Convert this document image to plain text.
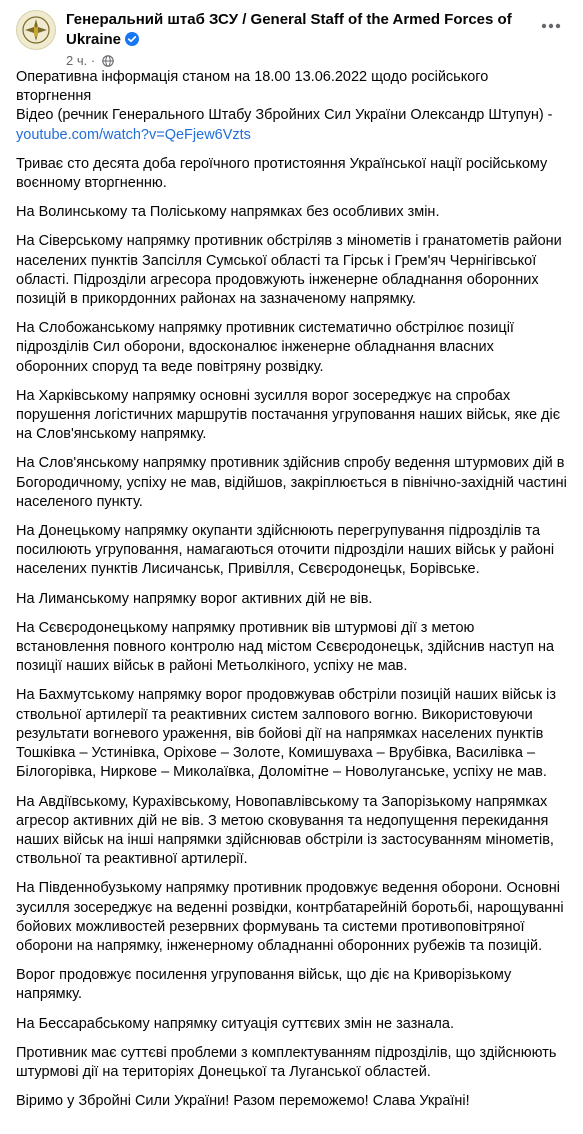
Генеральний штаб ЗСУ / General Staff of the Armed Forces of Ukraine
2 ч. ·

Оперативна інформація станом на 18.00 13.06.2022 щодо російського вторгнення
Відео (речник Генерального Штабу Збройних Сил України Олександр Штупун) -
youtube.com/watch?v=QeFjew6Vzts

Триває сто десята доба героїчного протистояння Української нації російському воєнному вторгненню.

На Волинському та Поліському напрямках без особливих змін.

На Сіверському напрямку противник обстріляв з мінометів і гранатометів райони населених пунктів Запсілля Сумської області та Гірськ і Грем'яч Чернігівської області. Підрозділи агресора продовжують інженерне обладнання оборонних позицій в прикордонних районах на зазначеному напрямку.

На Слобожанському напрямку противник систематично обстрілює позиції підрозділів Сил оборони, вдосконалює інженерне обладнання власних оборонних споруд та веде повітряну розвідку.

На Харківському напрямку основні зусилля ворог зосереджує на спробах порушення логістичних маршрутів постачання угруповання наших військ, яке діє на Слов'янському напрямку.

На Слов'янському напрямку противник здійснив спробу ведення штурмових дій в Богородичному, успіху не мав, відійшов, закріплюється в північно-західній частині населеного пункту.

На Донецькому напрямку окупанти здійснюють перегрупування підрозділів та посилюють угруповання, намагаються оточити підрозділи наших військ у районі населених пунктів Лисичанськ, Привілля, Сєвєродонецьк, Борівське.

На Лиманському напрямку ворог активних дій не вів.

На Сєвєродонецькому напрямку противник вів штурмові дії з метою встановлення повного контролю над містом Сєвєродонецьк, здійснив наступ на позиції наших військ в районі Метьолкіного, успіху не мав.

На Бахмутському напрямку ворог продовжував обстріли позицій наших військ із ствольної артилерії та реактивних систем залпового вогню. Використовуючи результати вогневого ураження, вів бойові дії на напрямках населених пунктів Тошківка – Устинівка, Оріхове – Золоте, Комишуваха – Врубівка, Василівка – Білогорівка, Ниркове – Миколаївка, Доломітне – Новолуганське, успіху не мав.

На Авдіївському, Курахівському, Новопавлівському та Запорізькому напрямках агресор активних дій не вів. З метою сковування та недопущення перекидання наших військ на інші напрямки здійснював обстріли із застосуванням мінометів, ствольної та реактивної артилерії.

На Південнобузькому напрямку противник продовжує ведення оборони. Основні зусилля зосереджує на веденні розвідки, контрбатарейній боротьбі, нарощуванні бойових можливостей резервних формувань та системи противоповітряної оборони на напрямку, інженерному обладнанні оборонних рубежів та позицій.

Ворог продовжує посилення угруповання військ, що діє на Криворізькому напрямку.

На Бессарабському напрямку ситуація суттєвих змін не зазнала.

Противник має суттєві проблеми з комплектуванням підрозділів, що здійснюють штурмові дії на територіях Донецької та Луганської областей.

Віримо у Збройні Сили України! Разом переможемо! Слава Україні!
